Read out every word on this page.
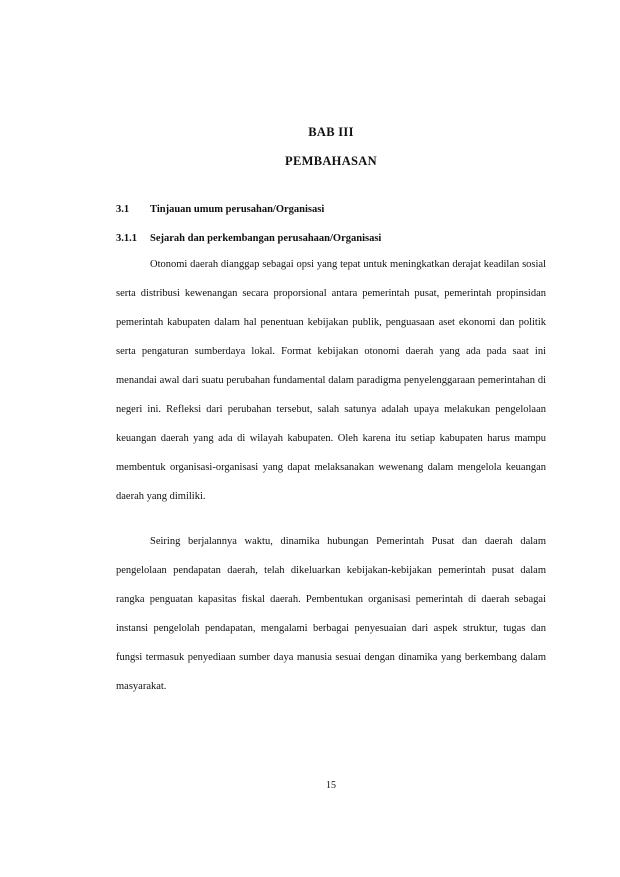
BAB III
PEMBAHASAN
3.1 Tinjauan umum perusahan/Organisasi
3.1.1 Sejarah dan perkembangan perusahaan/Organisasi

Otonomi daerah dianggap sebagai opsi yang tepat untuk meningkatkan derajat keadilan sosial serta distribusi kewenangan secara proporsional antara pemerintah pusat, pemerintah propinsidan pemerintah kabupaten dalam hal penentuan kebijakan publik, penguasaan aset ekonomi dan politik serta pengaturan sumberdaya lokal. Format kebijakan otonomi daerah yang ada pada saat ini menandai awal dari suatu perubahan fundamental dalam paradigma penyelenggaraan pemerintahan di negeri ini. Refleksi dari perubahan tersebut, salah satunya adalah upaya melakukan pengelolaan keuangan daerah yang ada di wilayah kabupaten. Oleh karena itu setiap kabupaten harus mampu membentuk organisasi-organisasi yang dapat melaksanakan wewenang dalam mengelola keuangan daerah yang dimiliki.

Seiring berjalannya waktu, dinamika hubungan Pemerintah Pusat dan daerah dalam pengelolaan pendapatan daerah, telah dikeluarkan kebijakan-kebijakan pemerintah pusat dalam rangka penguatan kapasitas fiskal daerah. Pembentukan organisasi pemerintah di daerah sebagai instansi pengelolah pendapatan, mengalami berbagai penyesuaian dari aspek struktur, tugas dan fungsi termasuk penyediaan sumber daya manusia sesuai dengan dinamika yang berkembang dalam masyarakat.

15
